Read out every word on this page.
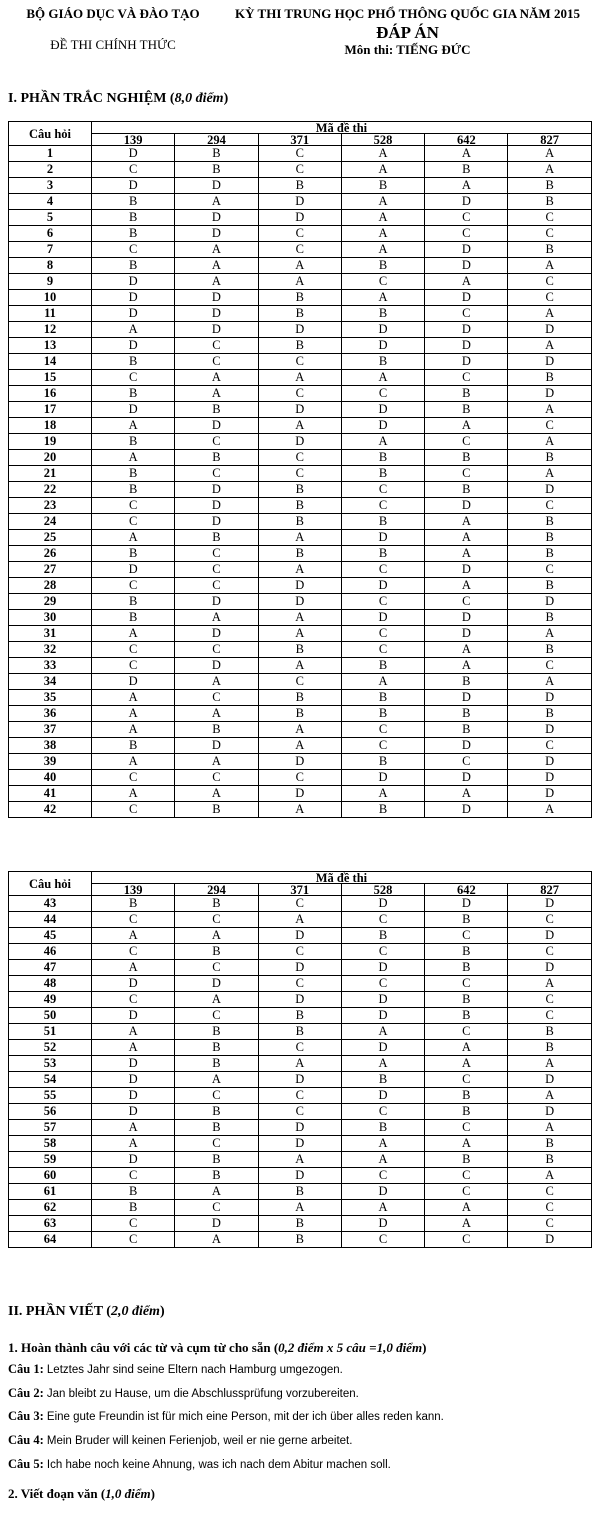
BỘ GIÁO DỤC VÀ ĐÀO TẠO
ĐỀ THI CHÍNH THỨC
KỲ THI TRUNG HỌC PHỔ THÔNG QUỐC GIA NĂM 2015
ĐÁP ÁN
Môn thi: TIẾNG ĐỨC
I. PHẦN TRẮC NGHIỆM (8,0 điểm)
Câu hỏi	Mã đề thi					
	139	294	371	528	642	827
1	D	B	C	A	A	A
2	C	B	C	A	B	A
3	D	D	B	B	A	B
4	B	A	D	A	D	B
5	B	D	D	A	C	C
6	B	D	C	A	C	C
7	C	A	C	A	D	B
8	B	A	A	B	D	A
9	D	A	A	C	A	C
10	D	D	B	A	D	C
11	D	D	B	B	C	A
12	A	D	D	D	D	D
13	D	C	B	D	D	A
14	B	C	C	B	D	D
15	C	A	A	A	C	B
16	B	A	C	C	B	D
17	D	B	D	D	B	A
18	A	D	A	D	A	C
19	B	C	D	A	C	A
20	A	B	C	B	B	B
21	B	C	C	B	C	A
22	B	D	B	C	B	D
23	C	D	B	C	D	C
24	C	D	B	B	A	B
25	A	B	A	D	A	B
26	B	C	B	B	A	B
27	D	C	A	C	D	C
28	C	C	D	D	A	B
29	B	D	D	C	C	D
30	B	A	A	D	D	B
31	A	D	A	C	D	A
32	C	C	B	C	A	B
33	C	D	A	B	A	C
34	D	A	C	A	B	A
35	A	C	B	B	D	D
36	A	A	B	B	B	B
37	A	B	A	C	B	D
38	B	D	A	C	D	C
39	A	A	D	B	C	D
40	C	C	C	D	D	D
41	A	A	D	A	A	D
42	C	B	A	B	D	A
Câu hỏi	Mã đề thi					
	139	294	371	528	642	827
43	B	B	C	D	D	D
44	C	C	A	C	B	C
45	A	A	D	B	C	D
46	C	B	C	C	B	C
47	A	C	D	D	B	D
48	D	D	C	C	C	A
49	C	A	D	D	B	C
50	D	C	B	D	B	C
51	A	B	B	A	C	B
52	A	B	C	D	A	B
53	D	B	A	A	A	A
54	D	A	D	B	C	D
55	D	C	C	D	B	A
56	D	B	C	C	B	D
57	A	B	D	B	C	A
58	A	C	D	A	A	B
59	D	B	A	A	B	B
60	C	B	D	C	C	A
61	B	A	B	D	C	C
62	B	C	A	A	A	C
63	C	D	B	D	A	C
64	C	A	B	C	C	D
II. PHẦN VIẾT (2,0 điểm)
1. Hoàn thành câu với các từ và cụm từ cho sẵn (0,2 điểm x 5 câu =1,0 điểm)
Câu 1: Letztes Jahr sind seine Eltern nach Hamburg umgezogen.
Câu 2: Jan bleibt zu Hause, um die Abschlussprüfung vorzubereiten.
Câu 3: Eine gute Freundin ist für mich eine Person, mit der ich über alles reden kann.
Câu 4: Mein Bruder will keinen Ferienjob, weil er nie gerne arbeitet.
2. Viết đoạn văn (1,0 điểm)
Câu 5: Ich habe noch keine Ahnung, was ich nach dem Abitur machen soll.
